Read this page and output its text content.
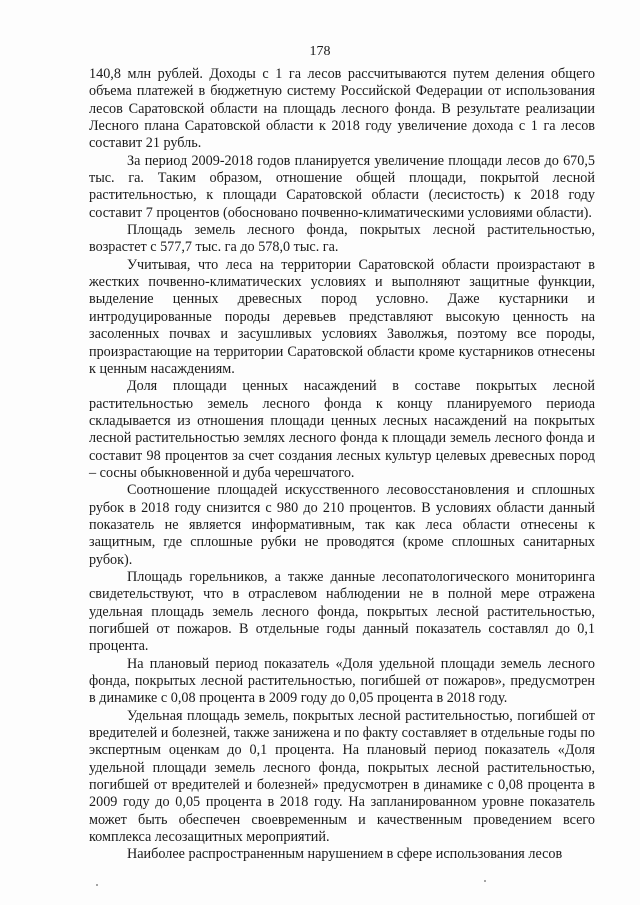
178

140,8 млн рублей. Доходы с 1 га лесов рассчитываются путем деления общего объема платежей в бюджетную систему Российской Федерации от использования лесов Саратовской области на площадь лесного фонда. В результате реализации Лесного плана Саратовской области к 2018 году увеличение дохода с 1 га лесов составит 21 рубль.

За период 2009-2018 годов планируется увеличение площади лесов до 670,5 тыс. га. Таким образом, отношение общей площади, покрытой лесной растительностью, к площади Саратовской области (лесистость) к 2018 году составит 7 процентов (обосновано почвенно-климатическими условиями области).

Площадь земель лесного фонда, покрытых лесной растительностью, возрастет с 577,7 тыс. га до 578,0 тыс. га.

Учитывая, что леса на территории Саратовской области произрастают в жестких почвенно-климатических условиях и выполняют защитные функции, выделение ценных древесных пород условно. Даже кустарники и интродуцированные породы деревьев представляют высокую ценность на засоленных почвах и засушливых условиях Заволжья, поэтому все породы, произрастающие на территории Саратовской области кроме кустарников отнесены к ценным насаждениям.

Доля площади ценных насаждений в составе покрытых лесной растительностью земель лесного фонда к концу планируемого периода складывается из отношения площади ценных лесных насаждений на покрытых лесной растительностью землях лесного фонда к площади земель лесного фонда и составит 98 процентов за счет создания лесных культур целевых древесных пород – сосны обыкновенной и дуба черешчатого.

Соотношение площадей искусственного лесовосстановления и сплошных рубок в 2018 году снизится с 980 до 210 процентов. В условиях области данный показатель не является информативным, так как леса области отнесены к защитным, где сплошные рубки не проводятся (кроме сплошных санитарных рубок).

Площадь горельников, а также данные лесопатологического мониторинга свидетельствуют, что в отраслевом наблюдении не в полной мере отражена удельная площадь земель лесного фонда, покрытых лесной растительностью, погибшей от пожаров. В отдельные годы данный показатель составлял до 0,1 процента.

На плановый период показатель «Доля удельной площади земель лесного фонда, покрытых лесной растительностью, погибшей от пожаров», предусмотрен в динамике с 0,08 процента в 2009 году до 0,05 процента в 2018 году.

Удельная площадь земель, покрытых лесной растительностью, погибшей от вредителей и болезней, также занижена и по факту составляет в отдельные годы по экспертным оценкам до 0,1 процента. На плановый период показатель «Доля удельной площади земель лесного фонда, покрытых лесной растительностью, погибшей от вредителей и болезней» предусмотрен в динамике с 0,08 процента в 2009 году до 0,05 процента в 2018 году. На запланированном уровне показатель может быть обеспечен своевременным и качественным проведением всего комплекса лесозащитных мероприятий.

Наиболее распространенным нарушением в сфере использования лесов
